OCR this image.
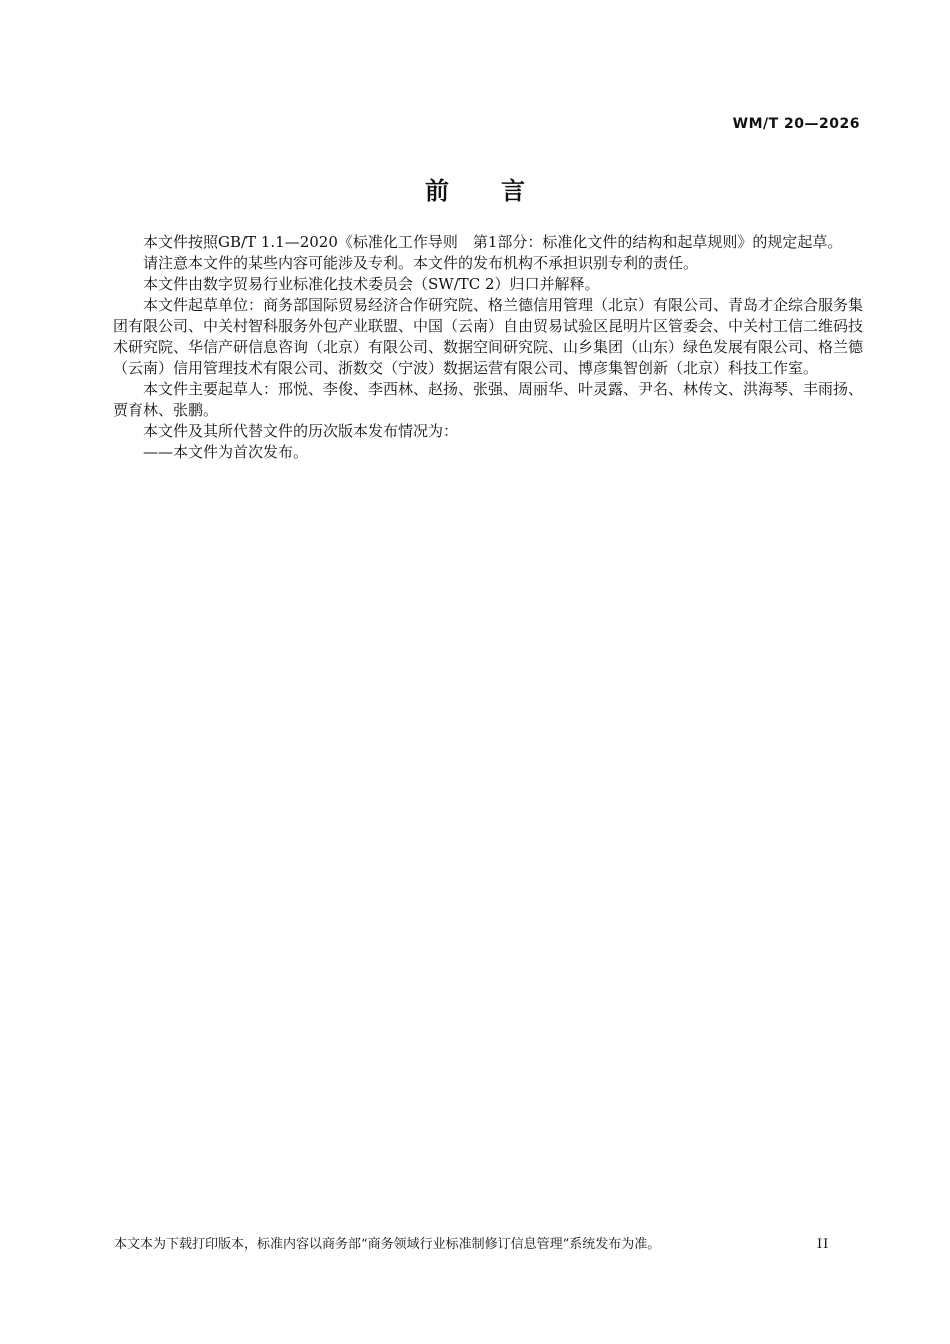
WM/T 20—2026
前言

本文件按照GB/T 1.1—2020《标准化工作导则　第1部分：标准化文件的结构和起草规则》的规定起草。

请注意本文件的某些内容可能涉及专利。本文件的发布机构不承担识别专利的责任。

本文件由数字贸易行业标准化技术委员会（SW/TC 2）归口并解释。

本文件起草单位：商务部国际贸易经济合作研究院、格兰德信用管理（北京）有限公司、青岛才企综合服务集团有限公司、中关村智科服务外包产业联盟、中国（云南）自由贸易试验区昆明片区管委会、中关村工信二维码技术研究院、华信产研信息咨询（北京）有限公司、数据空间研究院、山乡集团（山东）绿色发展有限公司、格兰德（云南）信用管理技术有限公司、浙数交（宁波）数据运营有限公司、博彦集智创新（北京）科技工作室。

本文件主要起草人：邢悦、李俊、李西林、赵扬、张强、周丽华、叶灵露、尹名、林传文、洪海琴、丰雨扬、贾育林、张鹏。

本文件及其所代替文件的历次版本发布情况为：

——本文件为首次发布。

本文本为下载打印版本，标准内容以商务部“商务领域行业标准制修订信息管理”系统发布为准。	II
